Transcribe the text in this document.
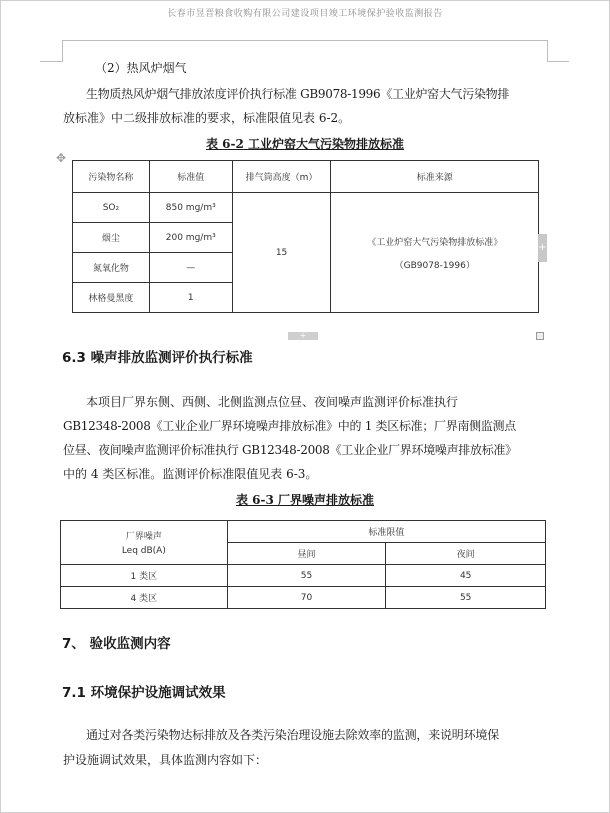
长春市昱晋粮食收购有限公司建设项目竣工环境保护验收监测报告
（2）热风炉烟气
生物质热风炉烟气排放浓度评价执行标准 GB9078-1996《工业炉窑大气污染物排
放标准》中二级排放标准的要求，标准限值见表 6-2。
表 6-2 工业炉窑大气污染物排放标准
✥
污染物名称	标准值	排气筒高度（m）	标准来源
SO₂	850 mg/m³	15	《工业炉窑大气污染物排放标准》
（GB9078-1996）

烟尘	200 mg/m³		
氮氧化物	—		
林格曼黑度	1		
+
+
6.3 噪声排放监测评价执行标准
本项目厂界东侧、西侧、北侧监测点位昼、夜间噪声监测评价标准执行
GB12348-2008《工业企业厂界环境噪声排放标准》中的 1 类区标准；厂界南侧监测点
位昼、夜间噪声监测评价标准执行 GB12348-2008《工业企业厂界环境噪声排放标准》
中的 4 类区标准。监测评价标准限值见表 6-3。
表 6-3 厂界噪声排放标准
厂界噪声
Leq dB(A)	标准限值	
	昼间	夜间
1 类区	55	45
4 类区	70	55
7、 验收监测内容
7.1 环境保护设施调试效果
通过对各类污染物达标排放及各类污染治理设施去除效率的监测，来说明环境保
护设施调试效果，具体监测内容如下：
